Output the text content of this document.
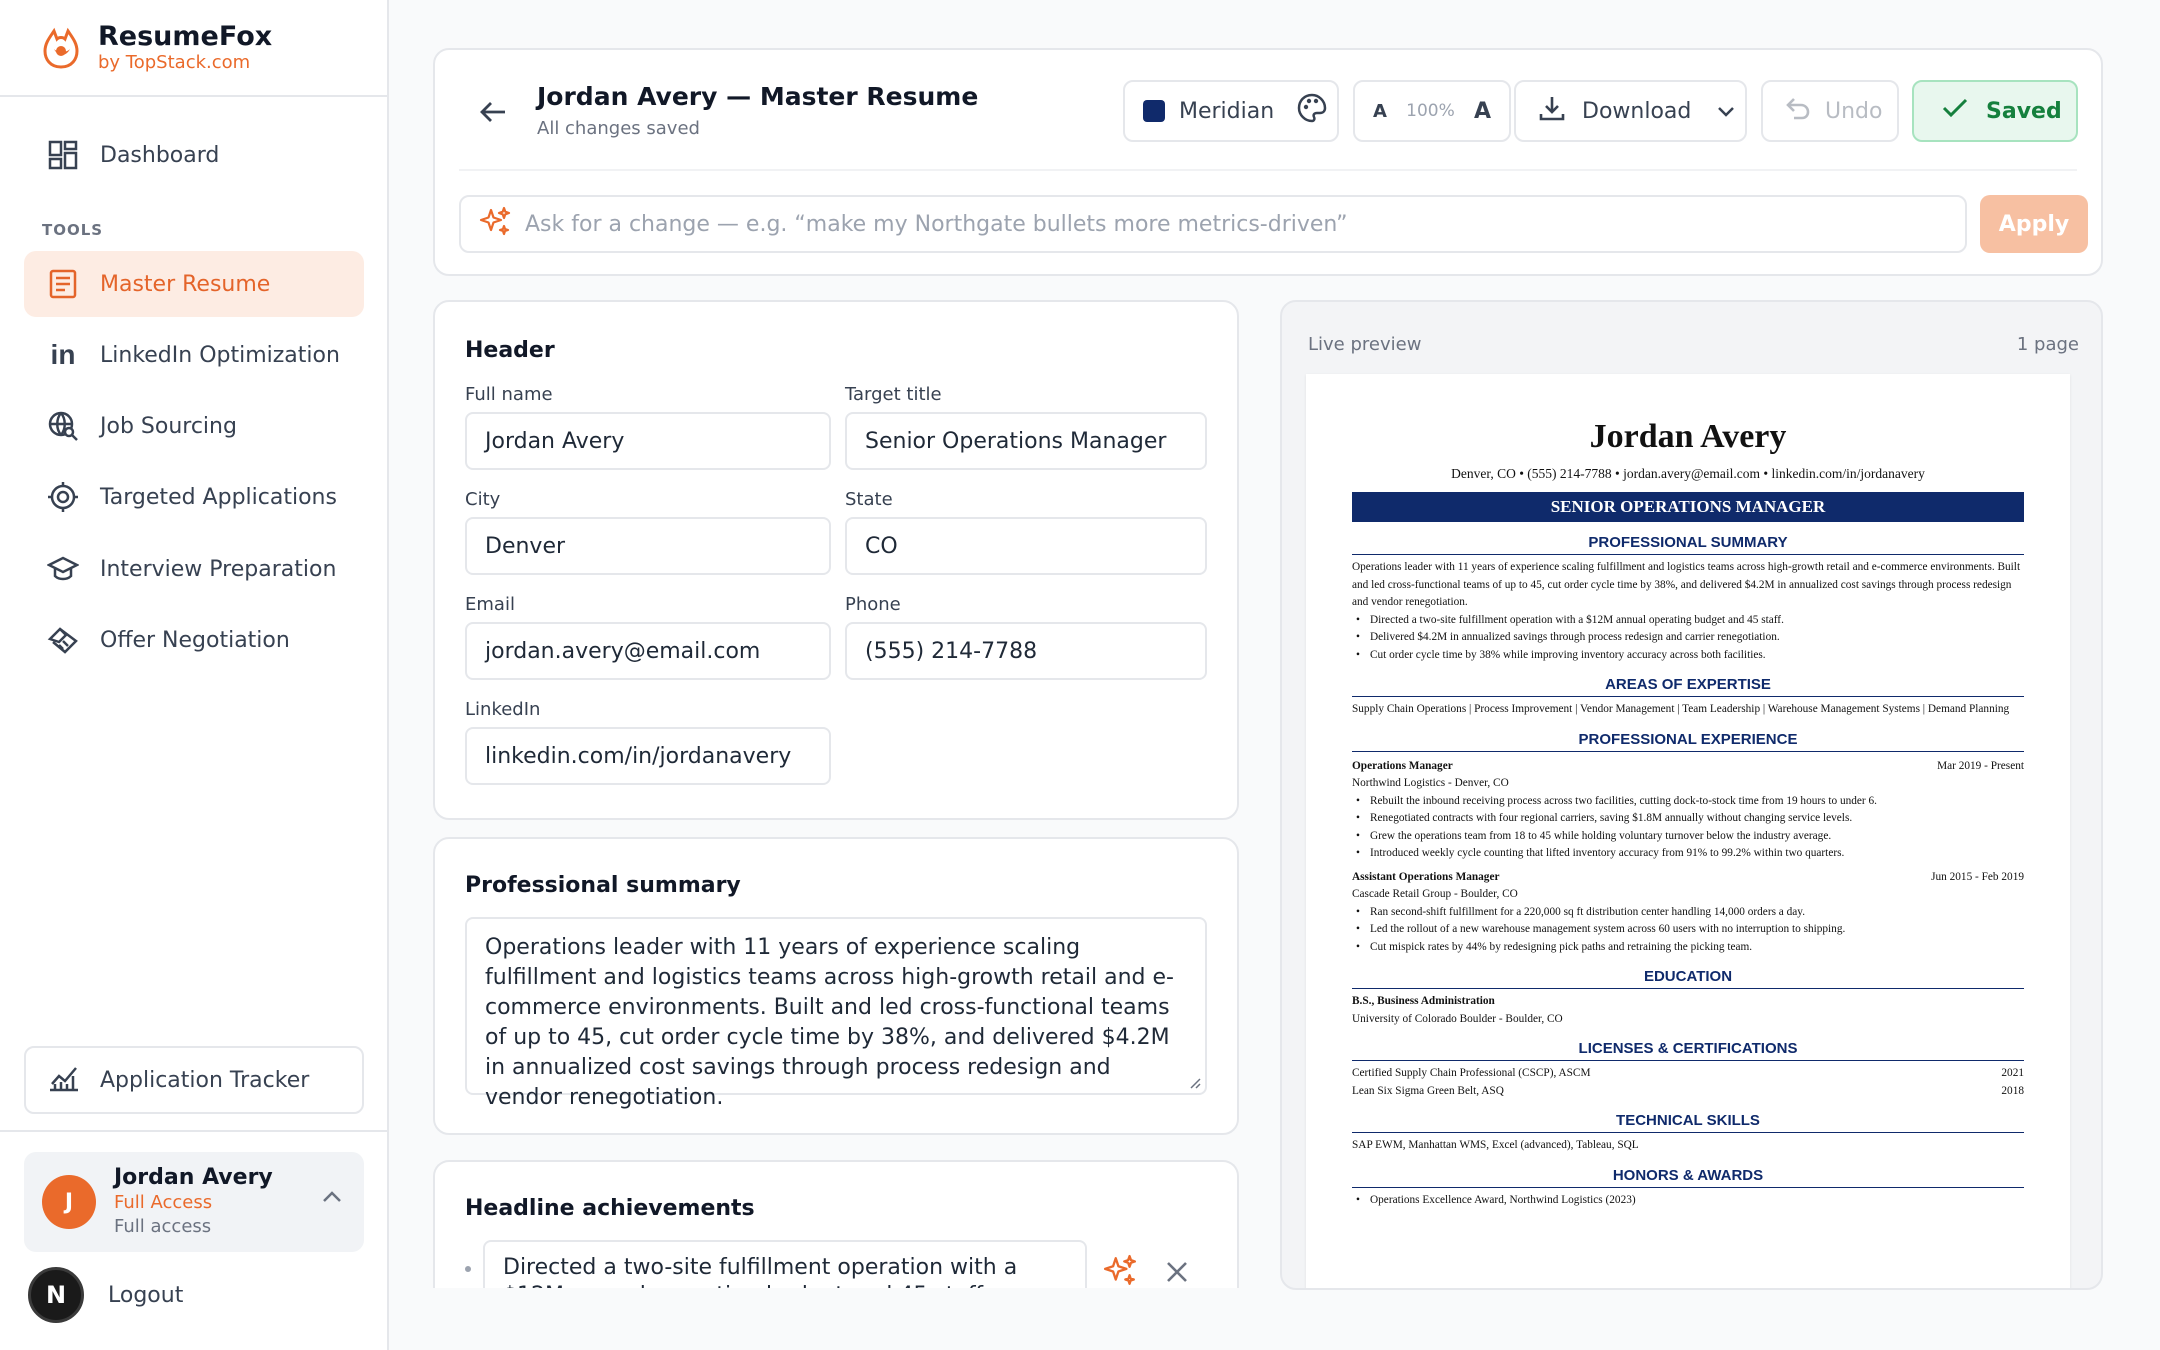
ResumeFox
by TopStack.com
Dashboard
TOOLS
Master Resume
in LinkedIn Optimization
Job Sourcing
Targeted Applications
Interview Preparation
Offer Negotiation
Application Tracker
J
Jordan Avery
Full Access
Full access
N	Logout
Jordan Avery — Master Resume
All changes saved
Meridian	A 100% A	Download	Undo	Saved
Ask for a change — e.g. “make my Northgate bullets more metrics-driven”
Apply
Header
Full name
Jordan Avery
Target title
Senior Operations Manager
City
Denver
State
CO
Email
jordan.avery@email.com
Phone
(555) 214-7788
LinkedIn
linkedin.com/in/jordanavery
Professional summary
Operations leader with 11 years of experience scaling fulfillment and logistics teams across high-growth retail and e-commerce environments. Built and led cross-functional teams of up to 45, cut order cycle time by 38%, and delivered $4.2M in annualized cost savings through process redesign and vendor renegotiation.
Headline achievements
Directed a two-site fulfillment operation with a
Live preview	1 page
Jordan Avery
Denver, CO • (555) 214-7788 • jordan.avery@email.com • linkedin.com/in/jordanavery
SENIOR OPERATIONS MANAGER
PROFESSIONAL SUMMARY
Operations leader with 11 years of experience scaling fulfillment and logistics teams across high-growth retail and e-commerce environments. Built and led cross-functional teams of up to 45, cut order cycle time by 38%, and delivered $4.2M in annualized cost savings through process redesign and vendor renegotiation.
• Directed a two-site fulfillment operation with a $12M annual operating budget and 45 staff.
• Delivered $4.2M in annualized savings through process redesign and carrier renegotiation.
• Cut order cycle time by 38% while improving inventory accuracy across both facilities.
AREAS OF EXPERTISE
Supply Chain Operations | Process Improvement | Vendor Management | Team Leadership | Warehouse Management Systems | Demand Planning
PROFESSIONAL EXPERIENCE
Operations Manager	Mar 2019 - Present
Northwind Logistics - Denver, CO
• Rebuilt the inbound receiving process across two facilities, cutting dock-to-stock time from 19 hours to under 6.
• Renegotiated contracts with four regional carriers, saving $1.8M annually without changing service levels.
• Grew the operations team from 18 to 45 while holding voluntary turnover below the industry average.
• Introduced weekly cycle counting that lifted inventory accuracy from 91% to 99.2% within two quarters.
Assistant Operations Manager	Jun 2015 - Feb 2019
Cascade Retail Group - Boulder, CO
• Ran second-shift fulfillment for a 220,000 sq ft distribution center handling 14,000 orders a day.
• Led the rollout of a new warehouse management system across 60 users with no interruption to shipping.
• Cut mispick rates by 44% by redesigning pick paths and retraining the picking team.
EDUCATION
B.S., Business Administration
University of Colorado Boulder - Boulder, CO
LICENSES & CERTIFICATIONS
Certified Supply Chain Professional (CSCP), ASCM	2021
Lean Six Sigma Green Belt, ASQ	2018
TECHNICAL SKILLS
SAP EWM, Manhattan WMS, Excel (advanced), Tableau, SQL
HONORS & AWARDS
• Operations Excellence Award, Northwind Logistics (2023)
